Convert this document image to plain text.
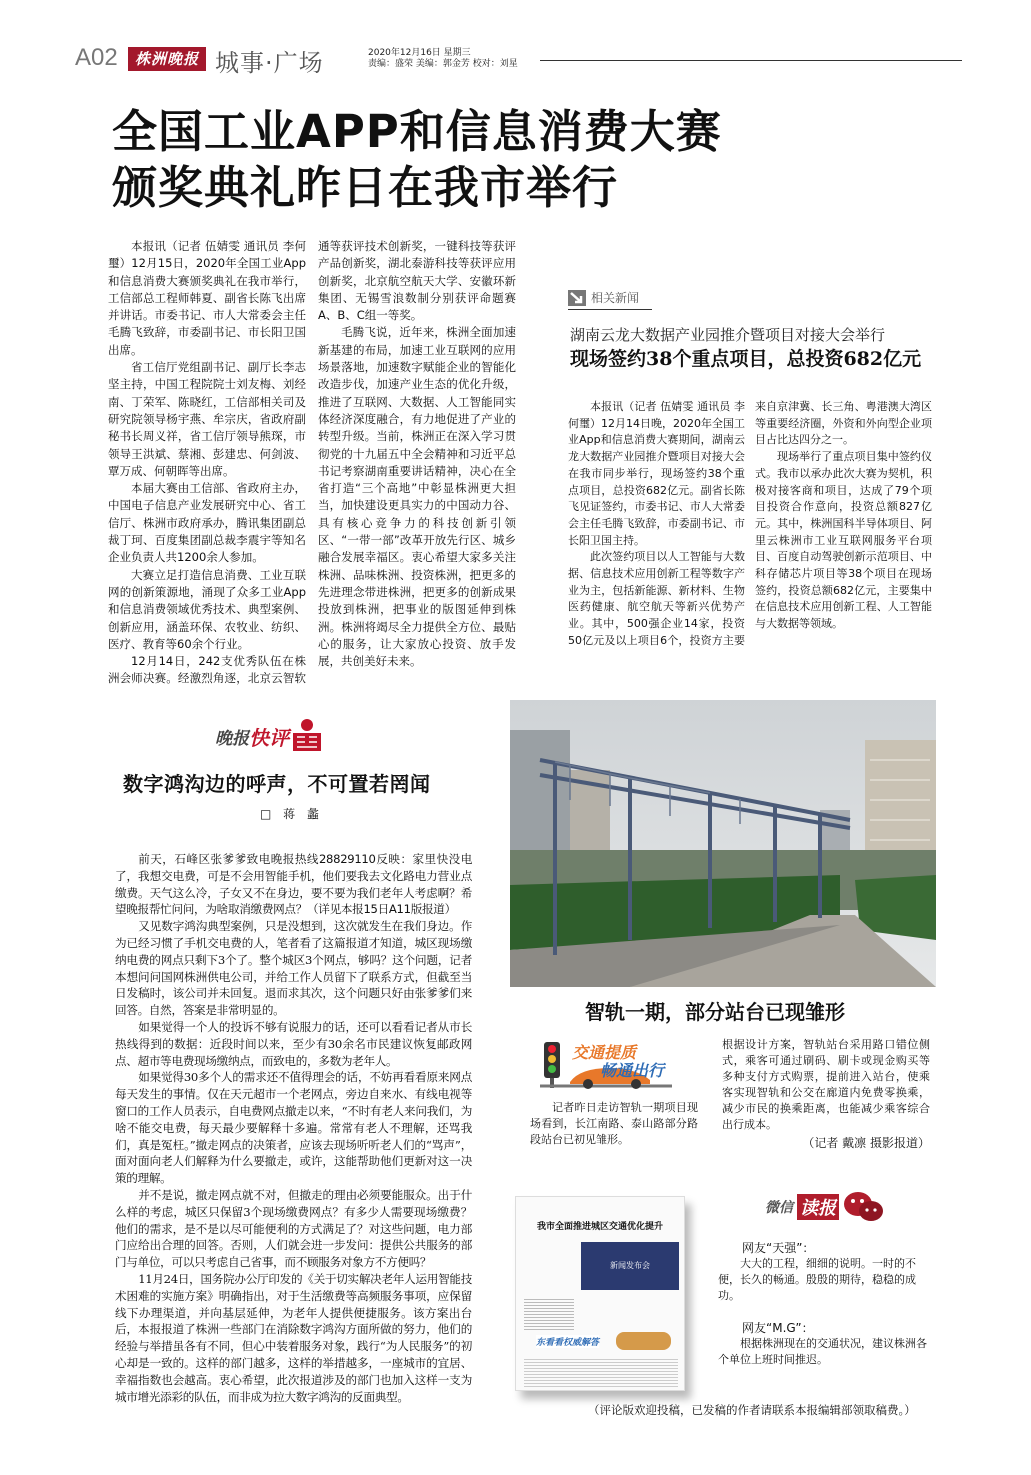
A02	株洲晚报 城事·广场	2020年12月16日 星期三
责编：盛荣 美编：郭金芳 校对：刘星
全国工业APP和信息消费大赛
颁奖典礼昨日在我市举行

本报讯（记者 伍婧雯 通讯员 李何璽）12月15日，2020年全国工业App和信息消费大赛颁奖典礼在我市举行，工信部总工程师韩夏、副省长陈飞出席并讲话。市委书记、市人大常委会主任毛腾飞致辞，市委副书记、市长阳卫国出席。

省工信厅党组副书记、副厅长李志坚主持，中国工程院院士刘友梅、刘经南、丁荣军、陈晓红，工信部相关司及研究院领导杨宇燕、牟宗庆，省政府副秘书长周义祥，省工信厅领导熊琛，市领导王洪斌、蔡湘、彭建忠、何剑波、覃万成、何朝晖等出席。

本届大赛由工信部、省政府主办，中国电子信息产业发展研究中心、省工信厅、株洲市政府承办，腾讯集团副总裁丁珂、百度集团副总裁李震宇等知名企业负责人共1200余人参加。

大赛立足打造信息消费、工业互联网的创新策源地，涌现了众多工业App和信息消费领域优秀技术、典型案例、创新应用，涵盖环保、农牧业、纺织、医疗、教育等60余个行业。

12月14日，242支优秀队伍在株洲会师决赛。经激烈角逐，北京云智软通等获评技术创新奖，一键科技等获评产品创新奖，湖北泰游科技等获评应用创新奖，北京航空航天大学、安徽环新集团、无锡雪浪数制分别获评命题赛A、B、C组一等奖。

毛腾飞说，近年来，株洲全面加速新基建的布局，加速工业互联网的应用场景落地，加速数字赋能企业的智能化改造步伐，加速产业生态的优化升级，推进了互联网、大数据、人工智能同实体经济深度融合，有力地促进了产业的转型升级。当前，株洲正在深入学习贯彻党的十九届五中全会精神和习近平总书记考察湖南重要讲话精神，决心在全省打造“三个高地”中彰显株洲更大担当，加快建设更具实力的中国动力谷、具有核心竞争力的科技创新引领区、“一带一部”改革开放先行区、城乡融合发展幸福区。衷心希望大家多关注株洲、品味株洲、投资株洲，把更多的先进理念带进株洲，把更多的创新成果投放到株洲，把事业的版图延伸到株洲。株洲将竭尽全力提供全方位、最贴心的服务，让大家放心投资、放手发展，共创美好未来。

相关新闻
湖南云龙大数据产业园推介暨项目对接大会举行
现场签约38个重点项目，总投资682亿元

本报讯（记者 伍婧雯 通讯员 李何璽）12月14日晚，2020年全国工业App和信息消费大赛期间，湖南云龙大数据产业园推介暨项目对接大会在我市同步举行，现场签约38个重点项目，总投资682亿元。副省长陈飞见证签约，市委书记、市人大常委会主任毛腾飞致辞，市委副书记、市长阳卫国主持。

此次签约项目以人工智能与大数据、信息技术应用创新工程等数字产业为主，包括新能源、新材料、生物医药健康、航空航天等新兴优势产业。其中，500强企业14家，投资50亿元及以上项目6个，投资方主要来自京津冀、长三角、粤港澳大湾区等重要经济圈，外资和外向型企业项目占比达四分之一。

现场举行了重点项目集中签约仪式。我市以承办此次大赛为契机，积极对接客商和项目，达成了79个项目投资合作意向，投资总额827亿元。其中，株洲国科半导体项目、阿里云株洲市工业互联网服务平台项目、百度自动驾驶创新示范项目、中科存储芯片项目等38个项目在现场签约，投资总额682亿元，主要集中在信息技术应用创新工程、人工智能与大数据等领域。

晚报 快评
数字鸿沟边的呼声，不可置若罔闻
□ 蒋 蠡

前天，石峰区张爹爹致电晚报热线28829110反映：家里快没电了，我想交电费，可是不会用智能手机，他们要我去文化路电力营业点缴费。天气这么冷，子女又不在身边，要不要为我们老年人考虑啊？希望晚报帮忙问问，为啥取消缴费网点？（详见本报15日A11版报道）

又见数字鸿沟典型案例，只是没想到，这次就发生在我们身边。作为已经习惯了手机交电费的人，笔者看了这篇报道才知道，城区现场缴纳电费的网点只剩下3个了。整个城区3个网点，够吗？这个问题，记者本想问问国网株洲供电公司，并给工作人员留下了联系方式，但截至当日发稿时，该公司并未回复。退而求其次，这个问题只好由张爹爹们来回答。自然，答案是非常明显的。

如果觉得一个人的投诉不够有说服力的话，还可以看看记者从市长热线得到的数据：近段时间以来，至少有30余名市民建议恢复邮政网点、超市等电费现场缴纳点，而致电的，多数为老年人。

如果觉得30多个人的需求还不值得理会的话，不妨再看看原来网点每天发生的事情。仅在天元超市一个老网点，旁边自来水、有线电视等窗口的工作人员表示，自电费网点撤走以来，“不时有老人来问我们，为啥不能交电费，每天最少要解释十多遍。常常有老人不理解，还骂我们，真是冤枉。”撤走网点的决策者，应该去现场听听老人们的“骂声”，面对面向老人们解释为什么要撤走，或许，这能帮助他们更新对这一决策的理解。

并不是说，撤走网点就不对，但撤走的理由必须要能服众。出于什么样的考虑，城区只保留3个现场缴费网点？有多少人需要现场缴费？他们的需求，是不是以尽可能便利的方式满足了？对这些问题，电力部门应给出合理的回答。否则，人们就会进一步发问：提供公共服务的部门与单位，可以只考虑自己省事，而不顾服务对象方不方便吗？

11月24日，国务院办公厅印发的《关于切实解决老年人运用智能技术困难的实施方案》明确指出，对于生活缴费等高频服务事项，应保留线下办理渠道，并向基层延伸，为老年人提供便捷服务。该方案出台后，本报报道了株洲一些部门在消除数字鸿沟方面所做的努力，他们的经验与举措虽各有不同，但心中装着服务对象，践行“为人民服务”的初心却是一致的。这样的部门越多，这样的举措越多，一座城市的宜居、幸福指数也会越高。衷心希望，此次报道涉及的部门也加入这样一支为城市增光添彩的队伍，而非成为拉大数字鸿沟的反面典型。

智轨一期，部分站台已现雏形
交通提质
畅通出行
记者昨日走访智轨一期项目现场看到，长江南路、泰山路部分路段站台已初见雏形。
根据设计方案，智轨站台采用路口错位侧式，乘客可通过刷码、刷卡或现金购买等多种支付方式购票，提前进入站台，使乘客实现智轨和公交在廊道内免费零换乘，减少市民的换乘距离，也能减少乘客综合出行成本。
（记者 戴凛 摄影报道）
我市全面推进城区交通优化提升
新闻发布会
东看看权威解答
微信 读报
网友“天强”：
大大的工程，细细的说明。一时的不便，长久的畅通。殷殷的期待，稳稳的成功。
网友“M.G”：
根据株洲现在的交通状况，建议株洲各个单位上班时间推迟。
（评论版欢迎投稿，已发稿的作者请联系本报编辑部领取稿费。）
